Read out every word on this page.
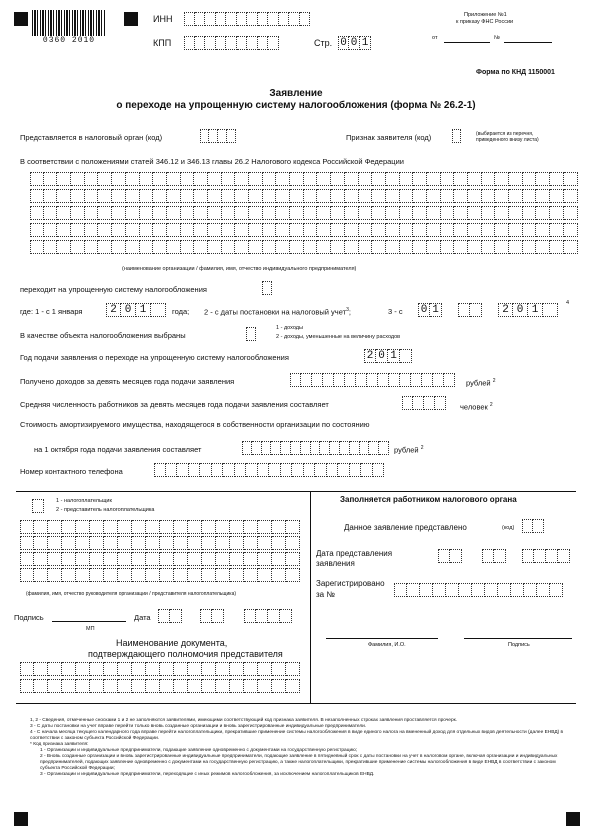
0360 2010
ИНН
КПП	Стр. 0 0 1
Приложение №1
к приказу ФНС России
от	№
Форма по КНД 1150001
Заявление
о переходе на упрощенную систему налогообложения (форма № 26.2-1)
Представляется в налоговый орган (код)	Признак заявителя (код)	(выбирается из перечня, приведенного внизу листа)
В соответствии с положениями статей 346.12 и 346.13 главы 26.2 Налогового кодекса Российской Федерации
(наименование организации / фамилия, имя, отчество индивидуального предпринимателя)
переходит на упрощенную систему налогообложения
где: 1 - с 1 января	2 0 1	года; 2 - с даты постановки на налоговый учет$^3$;	3 - с 0 1	2 0 1
4
В качестве объекта налогообложения выбраны
1 - доходы
2 - доходы, уменьшенные на величину расходов
Год подачи заявления о переходе на упрощенную систему налогообложения	2 0 1
Получено доходов за девять месяцев года подачи заявления	рублей $^2$
Средняя численность работников за девять месяцев года подачи заявления составляет	человек $^2$
Стоимость амортизируемого имущества, находящегося в собственности организации по состоянию
на 1 октября года подачи заявления составляет	рублей $^2$
Номер контактного телефона
1 - налогоплательщик
2 - представитель налогоплательщика
(фамилия, имя, отчество руководителя организации / представителя налогоплательщика)
Подпись
МП
Дата
Наименование документа,
подтверждающего полномочия представителя
Заполняется работником налогового органа
Данное заявление представлено	(код)
Дата представления
заявления
Зарегистрировано
за №
Фамилия, И.О.	Подпись
1, 2 - Сведения, отмеченные сносками 1 и 2 не заполняются заявителями, имеющими соответствующий код признака заявителя. В незаполненных строках заявления проставляется прочерк.
3 - С даты постановки на учет вправе перейти только вновь созданные организации и вновь зарегистрированные индивидуальные предприниматели.
4 - С начала месяца текущего календарного года вправе перейти налогоплательщики, прекратившие применение системы налогообложения в виде единого налога на вмененный доход для отдельных видов деятельности (далее ЕНВД) в соответствии с законом субъекта Российской Федерации.
* Код признака заявителя:
1 - Организации и индивидуальные предприниматели, подающие заявление одновременно с документами на государственную регистрацию;
2 - Вновь созданные организации и вновь зарегистрированные индивидуальные предприниматели, подающие заявление в пятидневный срок с даты постановки на учет в налоговом органе, включая организации и индивидуальных предпринимателей, подающих заявление одновременно с документами на государственную регистрацию, а также налогоплательщики, прекратившие применение системы налогообложения в виде ЕНВД в соответствии с законом субъекта Российской Федерации;
3 - Организации и индивидуальные предприниматели, переходящие с иных режимов налогообложения, за исключением налогоплательщиков ЕНВД.
